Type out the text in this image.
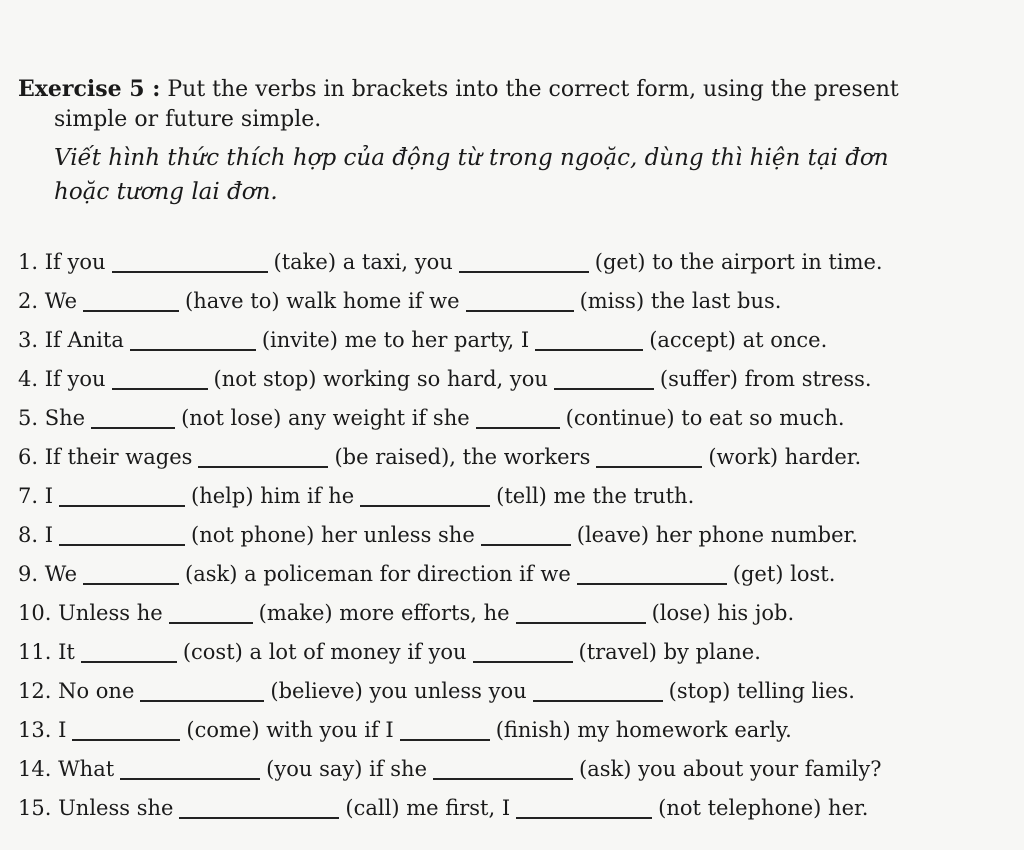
Exercise 5 : Put the verbs in brackets into the correct form, using the present
simple or future simple.
Viết hình thức thích hợp của động từ trong ngoặc, dùng thì hiện tại đơn
hoặc tương lai đơn.
1. If you	(take) a taxi, you	(get) to the airport in time.
2. We	(have to) walk home if we	(miss) the last bus.
3. If Anita	(invite) me to her party, I	(accept) at once.
4. If you	(not stop) working so hard, you	(suffer) from stress.
5. She	(not lose) any weight if she	(continue) to eat so much.
6. If their wages	(be raised), the workers	(work) harder.
7. I	(help) him if he	(tell) me the truth.
8. I	(not phone) her unless she	(leave) her phone number.
9. We	(ask) a policeman for direction if we	(get) lost.
10. Unless he	(make) more efforts, he	(lose) his job.
11. It	(cost) a lot of money if you	(travel) by plane.
12. No one	(believe) you unless you	(stop) telling lies.
13. I	(come) with you if I	(finish) my homework early.
14. What	(you say) if she	(ask) you about your family?
15. Unless she	(call) me first, I	(not telephone) her.
